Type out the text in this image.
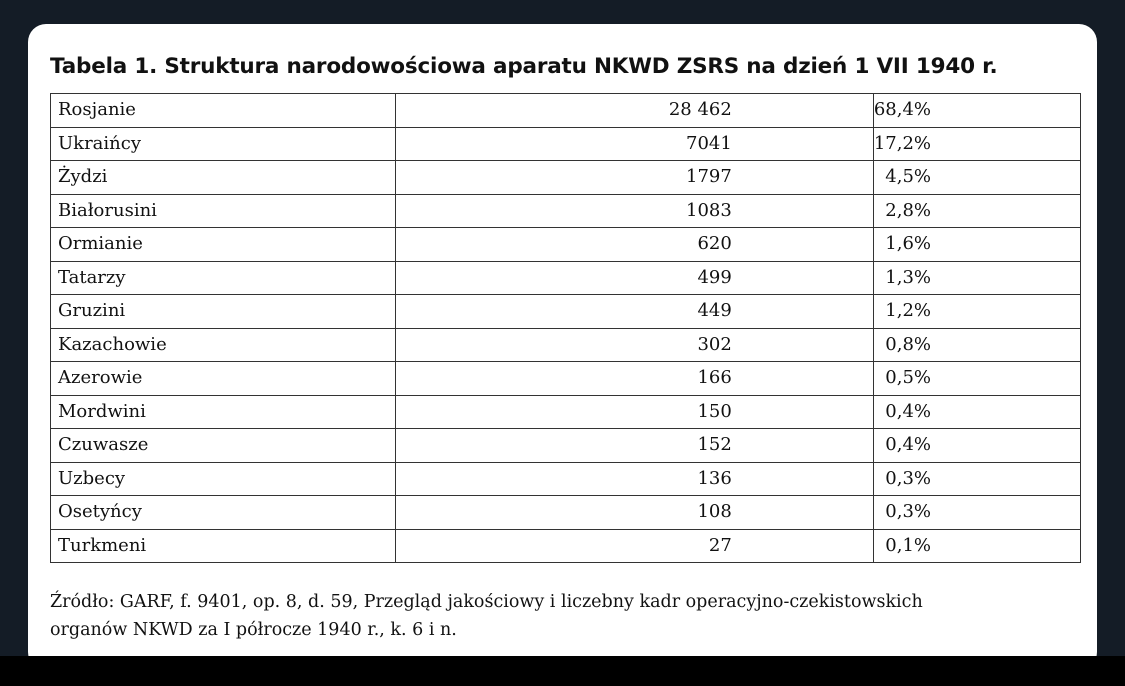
Tabela 1. Struktura narodowościowa aparatu NKWD ZSRS na dzień 1 VII 1940 r.
Rosjanie	28 462	68,4%
Ukraińcy	7041	17,2%
Żydzi	1797	4,5%
Białorusini	1083	2,8%
Ormianie	620	1,6%
Tatarzy	499	1,3%
Gruzini	449	1,2%
Kazachowie	302	0,8%
Azerowie	166	0,5%
Mordwini	150	0,4%
Czuwasze	152	0,4%
Uzbecy	136	0,3%
Osetyńcy	108	0,3%
Turkmeni	27	0,1%
Źródło: GARF, f. 9401, op. 8, d. 59, Przegląd jakościowy i liczebny kadr operacyjno-czekistowskich
organów NKWD za I półrocze 1940 r., k. 6 i n.
